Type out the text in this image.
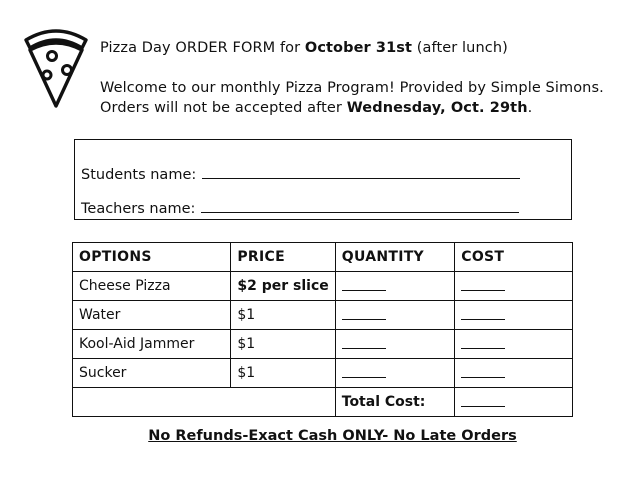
Pizza Day ORDER FORM for October 31st (after lunch)
Welcome to our monthly Pizza Program! Provided by Simple Simons.
Orders will not be accepted after Wednesday, Oct. 29th.
Students name:
Teachers name:
OPTIONS	PRICE	QUANTITY	COST
Cheese Pizza	$2 per slice		
Water	$1		
Kool-Aid Jammer	$1		
Sucker	$1		
		Total Cost:	
No Refunds-Exact Cash ONLY- No Late Orders
